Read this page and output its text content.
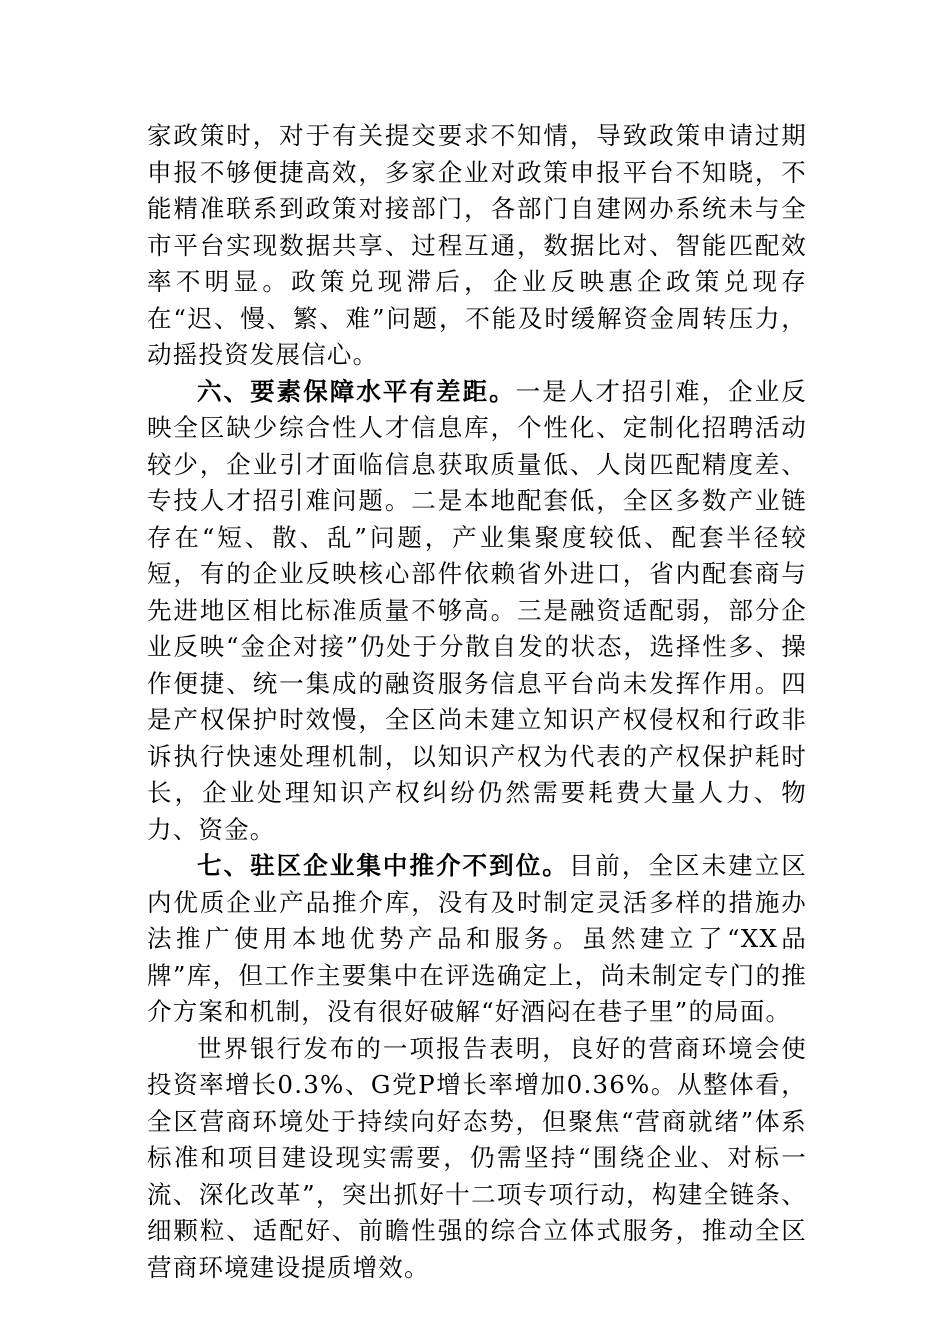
家政策时，对于有关提交要求不知情，导致政策申请过期申报不够便捷高效，多家企业对政策申报平台不知晓，不能精准联系到政策对接部门，各部门自建网办系统未与全市平台实现数据共享、过程互通，数据比对、智能匹配效率不明显。政策兑现滞后，企业反映惠企政策兑现存在“迟、慢、繁、难”问题，不能及时缓解资金周转压力，动摇投资发展信心。

六、要素保障水平有差距。一是人才招引难，企业反映全区缺少综合性人才信息库，个性化、定制化招聘活动较少，企业引才面临信息获取质量低、人岗匹配精度差、专技人才招引难问题。二是本地配套低，全区多数产业链存在“短、散、乱”问题，产业集聚度较低、配套半径较短，有的企业反映核心部件依赖省外进口，省内配套商与先进地区相比标准质量不够高。三是融资适配弱，部分企业反映“金企对接”仍处于分散自发的状态，选择性多、操作便捷、统一集成的融资服务信息平台尚未发挥作用。四是产权保护时效慢，全区尚未建立知识产权侵权和行政非诉执行快速处理机制，以知识产权为代表的产权保护耗时长，企业处理知识产权纠纷仍然需要耗费大量人力、物力、资金。

七、驻区企业集中推介不到位。目前，全区未建立区内优质企业产品推介库，没有及时制定灵活多样的措施办法推广使用本地优势产品和服务。虽然建立了“XX品牌”库，但工作主要集中在评选确定上，尚未制定专门的推介方案和机制，没有很好破解“好酒闷在巷子里”的局面。

世界银行发布的一项报告表明，良好的营商环境会使投资率增长0.3%、G党P增长率增加0.36%。从整体看，全区营商环境处于持续向好态势，但聚焦“营商就绪”体系标准和项目建设现实需要，仍需坚持“围绕企业、对标一流、深化改革”，突出抓好十二项专项行动，构建全链条、细颗粒、适配好、前瞻性强的综合立体式服务，推动全区营商环境建设提质增效。
